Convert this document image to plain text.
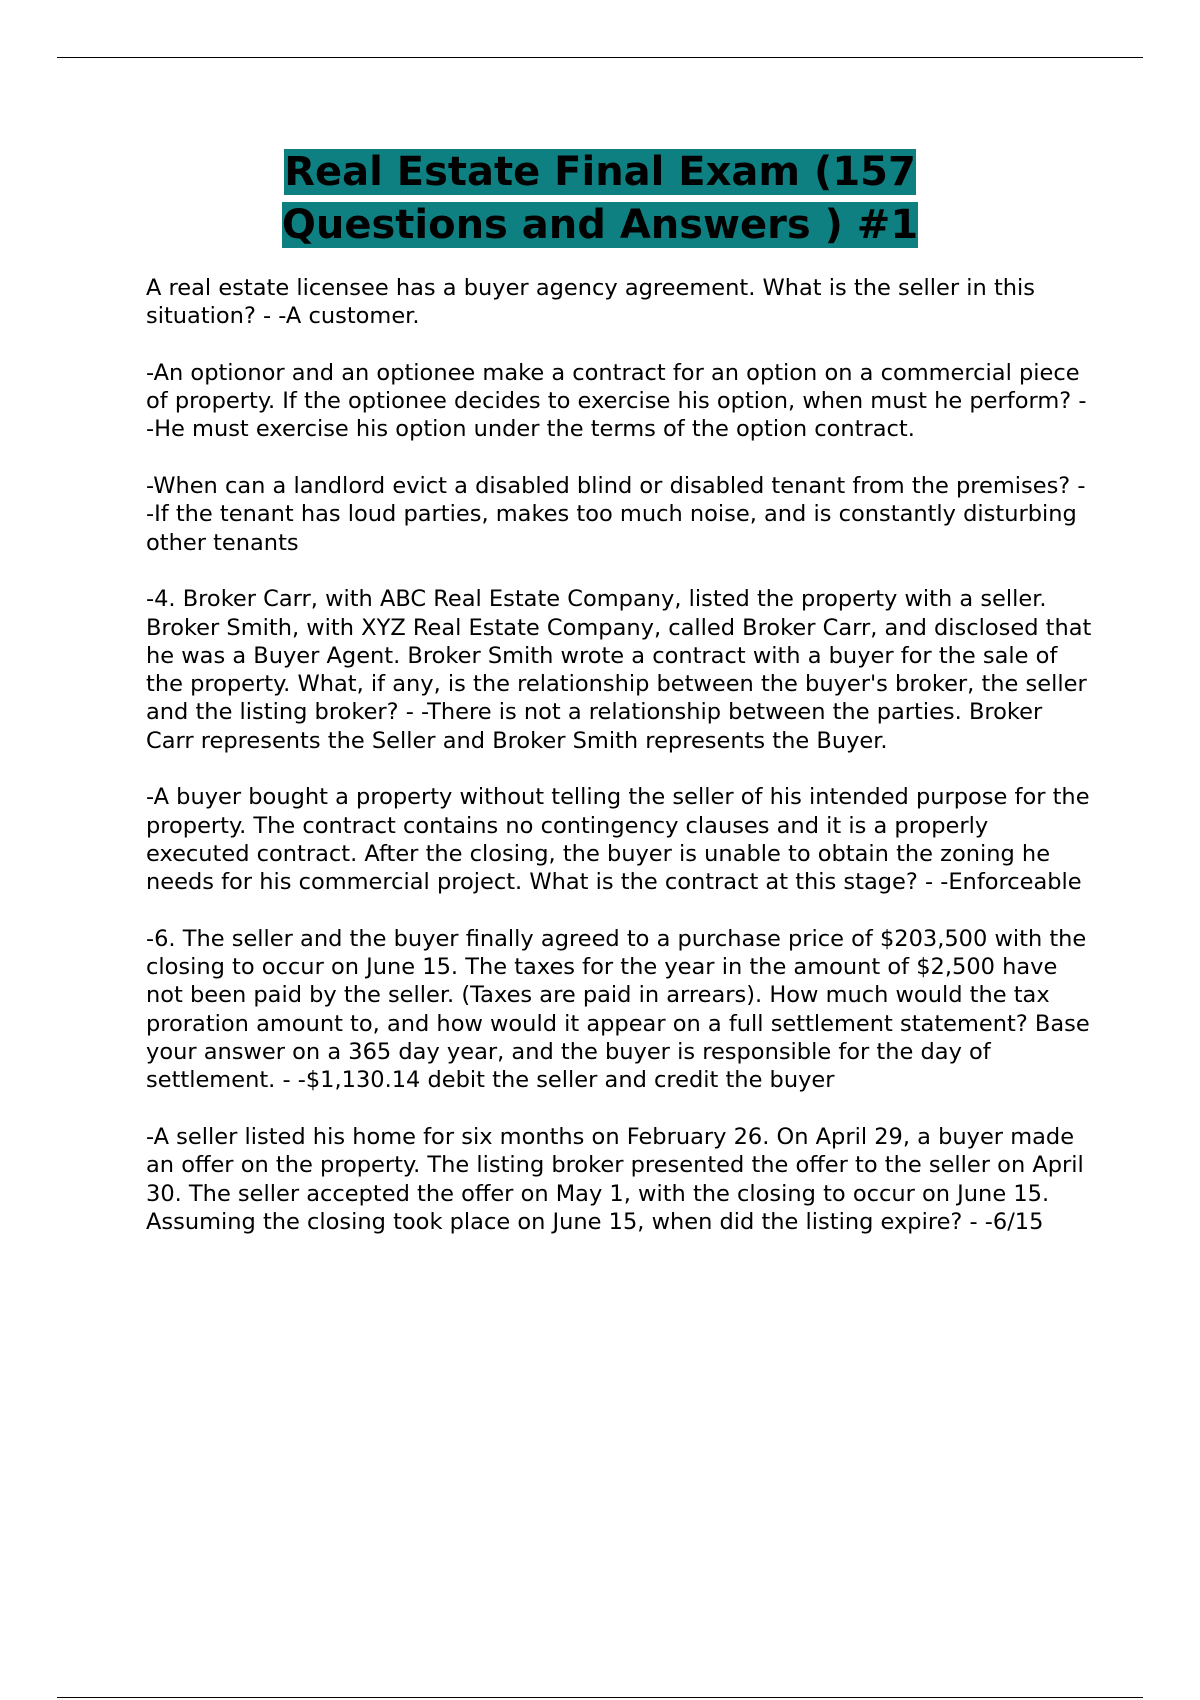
Real Estate Final Exam (157
Questions and Answers ) #1

A real estate licensee has a buyer agency agreement. What is the seller in this situation? - -A customer.

-An optionor and an optionee make a contract for an option on a commercial piece of property. If the optionee decides to exercise his option, when must he perform? - -He must exercise his option under the terms of the option contract.

-When can a landlord evict a disabled blind or disabled tenant from the premises? - -If the tenant has loud parties, makes too much noise, and is constantly disturbing other tenants

-4. Broker Carr, with ABC Real Estate Company, listed the property with a seller. Broker Smith, with XYZ Real Estate Company, called Broker Carr, and disclosed that he was a Buyer Agent. Broker Smith wrote a contract with a buyer for the sale of the property. What, if any, is the relationship between the buyer's broker, the seller and the listing broker? - -There is not a relationship between the parties. Broker Carr represents the Seller and Broker Smith represents the Buyer.

-A buyer bought a property without telling the seller of his intended purpose for the property. The contract contains no contingency clauses and it is a properly executed contract. After the closing, the buyer is unable to obtain the zoning he needs for his commercial project. What is the contract at this stage? - -Enforceable

-6. The seller and the buyer finally agreed to a purchase price of $203,500 with the closing to occur on June 15. The taxes for the year in the amount of $2,500 have not been paid by the seller. (Taxes are paid in arrears). How much would the tax proration amount to, and how would it appear on a full settlement statement? Base your answer on a 365 day year, and the buyer is responsible for the day of settlement. - -$1,130.14 debit the seller and credit the buyer

-A seller listed his home for six months on February 26. On April 29, a buyer made an offer on the property. The listing broker presented the offer to the seller on April 30. The seller accepted the offer on May 1, with the closing to occur on June 15. Assuming the closing took place on June 15, when did the listing expire? - -6/15
